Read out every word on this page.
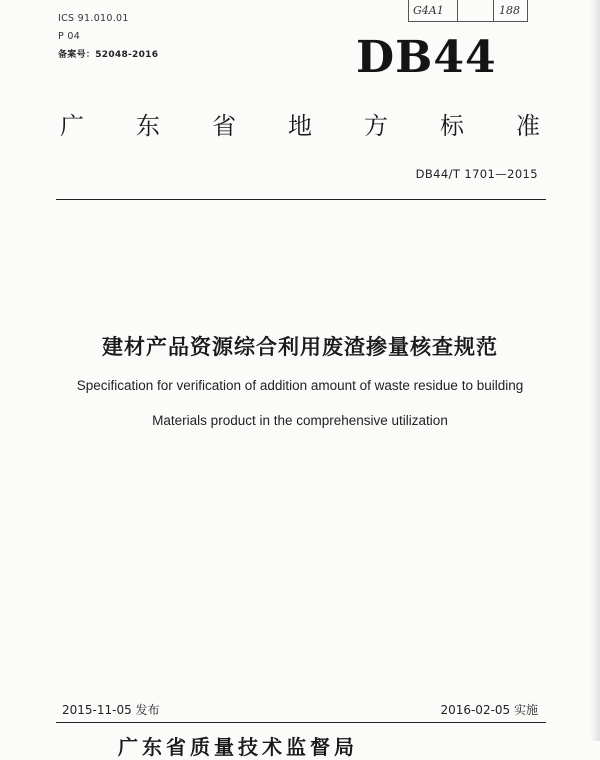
ICS 91.010.01
P 04
备案号：52048-2016
G4A1	188
DB44
广 东 省 地 方 标 准
DB44/T 1701—2015
建材产品资源综合利用废渣掺量核查规范
Specification for verification of addition amount of waste residue to building
Materials product in the comprehensive utilization
2015-11-05 发布	2016-02-05 实施
广东省质量技术监督局
